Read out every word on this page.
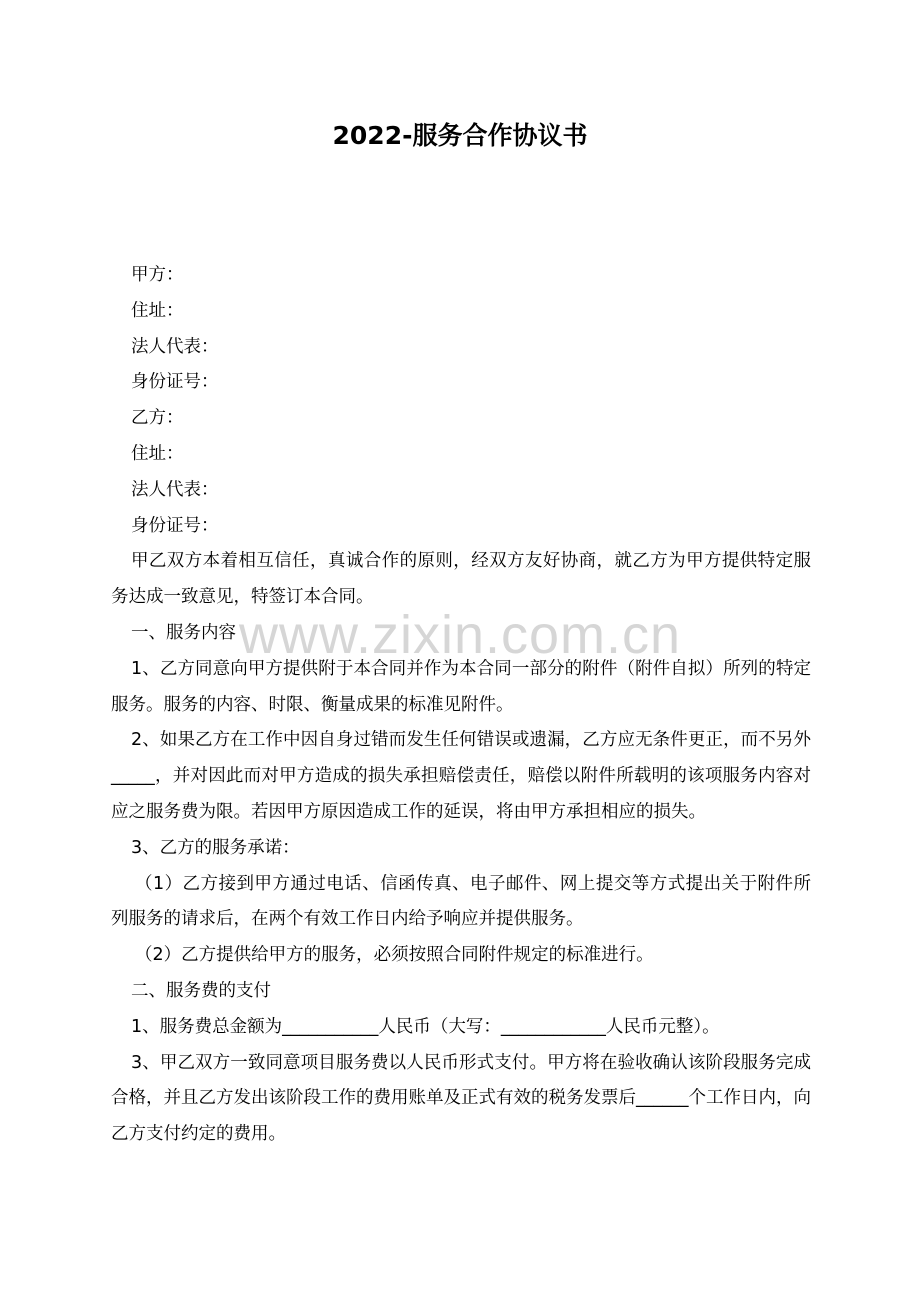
2022-服务合作协议书
www.zixin.com.cn

甲方：

住址：

法人代表：

身份证号：

乙方：

住址：

法人代表：

身份证号：

甲乙双方本着相互信任，真诚合作的原则，经双方友好协商，就乙方为甲方提供特定服务达成一致意见，特签订本合同。

一、服务内容

1、乙方同意向甲方提供附于本合同并作为本合同一部分的附件（附件自拟）所列的特定服务。服务的内容、时限、衡量成果的标准见附件。

2、如果乙方在工作中因自身过错而发生任何错误或遗漏，乙方应无条件更正，而不另外_____，并对因此而对甲方造成的损失承担赔偿责任，赔偿以附件所载明的该项服务内容对应之服务费为限。若因甲方原因造成工作的延误，将由甲方承担相应的损失。

3、乙方的服务承诺：

（1）乙方接到甲方通过电话、信函传真、电子邮件、网上提交等方式提出关于附件所列服务的请求后，在两个有效工作日内给予响应并提供服务。

（2）乙方提供给甲方的服务，必须按照合同附件规定的标准进行。

二、服务费的支付

1、服务费总金额为___________人民币（大写：____________人民币元整）。

3、甲乙双方一致同意项目服务费以人民币形式支付。甲方将在验收确认该阶段服务完成合格，并且乙方发出该阶段工作的费用账单及正式有效的税务发票后______个工作日内，向乙方支付约定的费用。
